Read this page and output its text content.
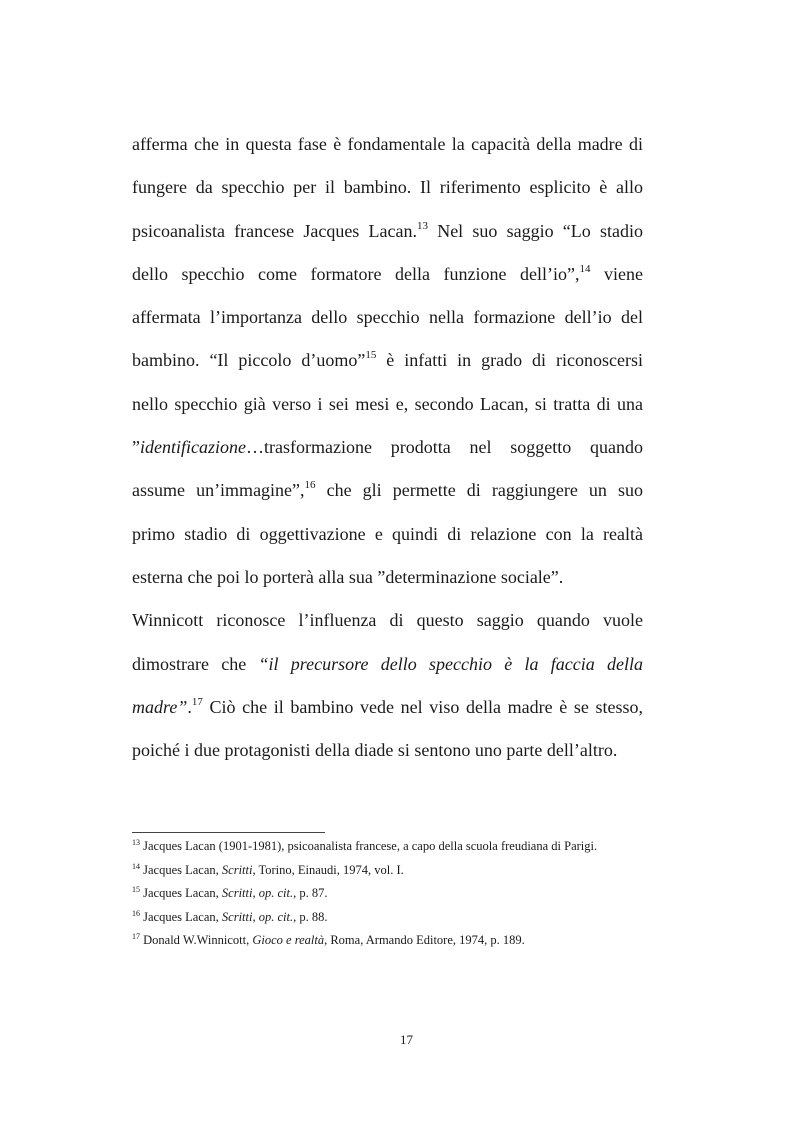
afferma che in questa fase è fondamentale la capacità della madre di
fungere da specchio per il bambino. Il riferimento esplicito è allo
psicoanalista francese Jacques Lacan.$^{13}$ Nel suo saggio “Lo stadio
dello specchio come formatore della funzione dell’io”,$^{14}$ viene
affermata l’importanza dello specchio nella formazione dell’io del
bambino. “Il piccolo d’uomo”$^{15}$ è infatti in grado di riconoscersi
nello specchio già verso i sei mesi e, secondo Lacan, si tratta di una
”identificazione…trasformazione prodotta nel soggetto quando
assume un’immagine”,$^{16}$ che gli permette di raggiungere un suo
primo stadio di oggettivazione e quindi di relazione con la realtà
esterna che poi lo porterà alla sua ”determinazione sociale”.
Winnicott riconosce l’influenza di questo saggio quando vuole
dimostrare che “il precursore dello specchio è la faccia della
madre”.$^{17}$ Ciò che il bambino vede nel viso della madre è se stesso,
poiché i due protagonisti della diade si sentono uno parte dell’altro.
$^{13}$ Jacques Lacan (1901-1981), psicoanalista francese, a capo della scuola freudiana di Parigi.
$^{14}$ Jacques Lacan, Scritti, Torino, Einaudi, 1974, vol. I.
$^{15}$ Jacques Lacan, Scritti, op. cit., p. 87.
$^{16}$ Jacques Lacan, Scritti, op. cit., p. 88.
$^{17}$ Donald W.Winnicott, Gioco e realtà, Roma, Armando Editore, 1974, p. 189.
17
